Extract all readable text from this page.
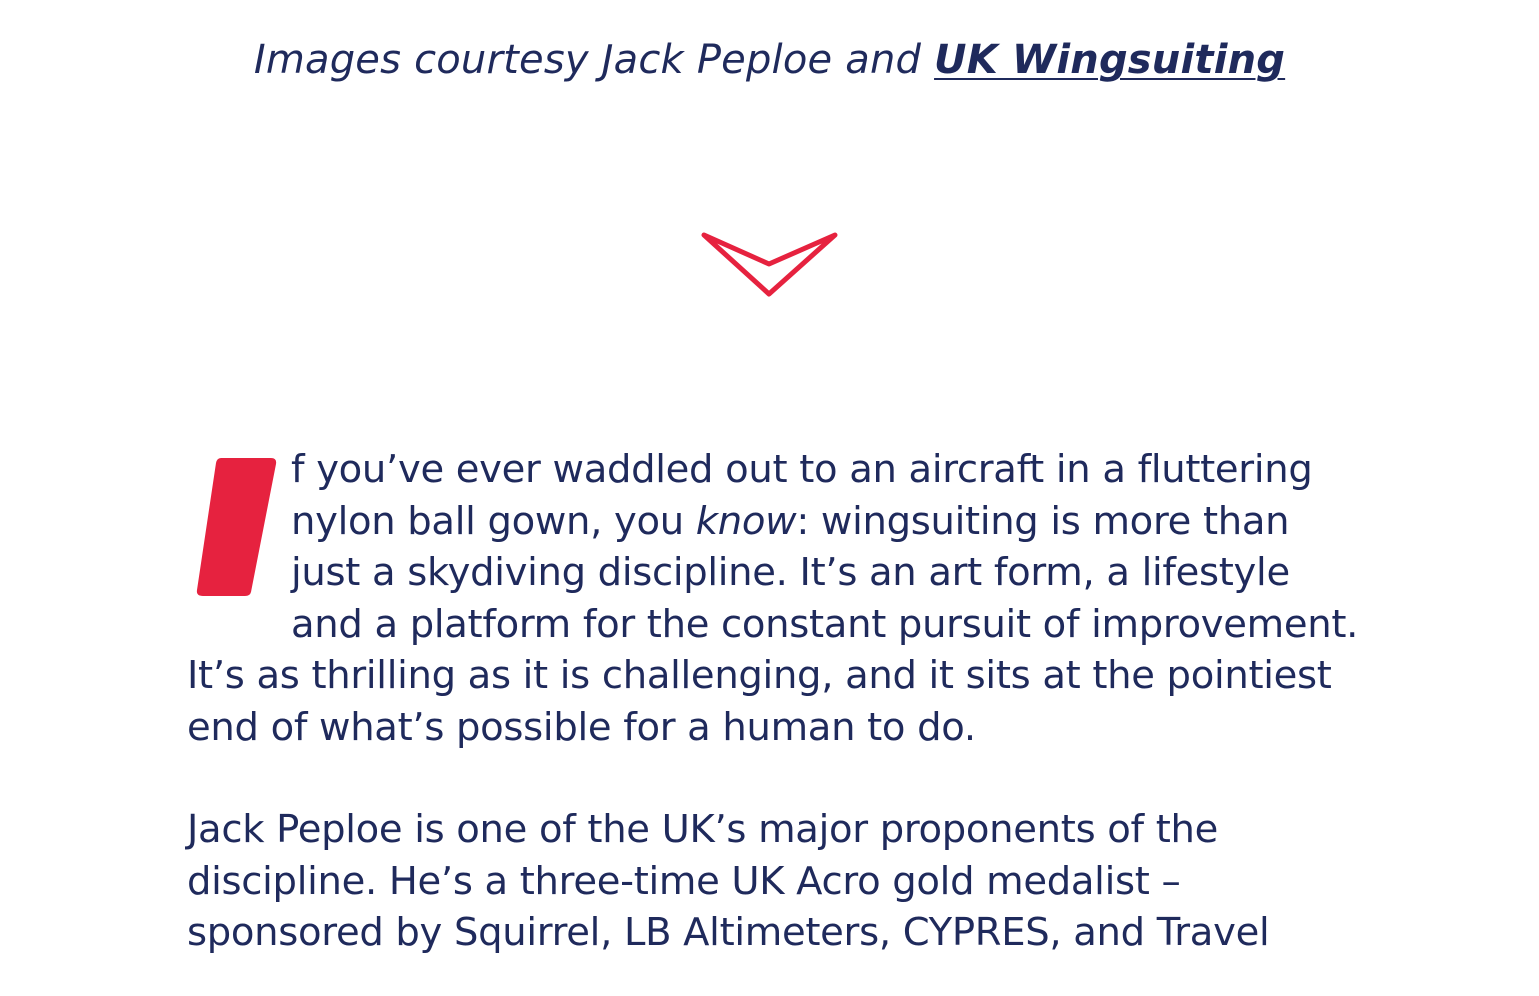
Images courtesy Jack Peploe and UK Wingsuiting

f you’ve ever waddled out to an aircraft in a fluttering nylon ball gown, you know: wingsuiting is more than just a skydiving discipline. It’s an art form, a lifestyle and a platform for the constant pursuit of improvement. It’s as thrilling as it is challenging, and it sits at the pointiest end of what’s possible for a human to do.

Jack Peploe is one of the UK’s major proponents of the discipline. He’s a three-time UK Acro gold medalist – sponsored by Squirrel, LB Altimeters, CYPRES, and Travel
